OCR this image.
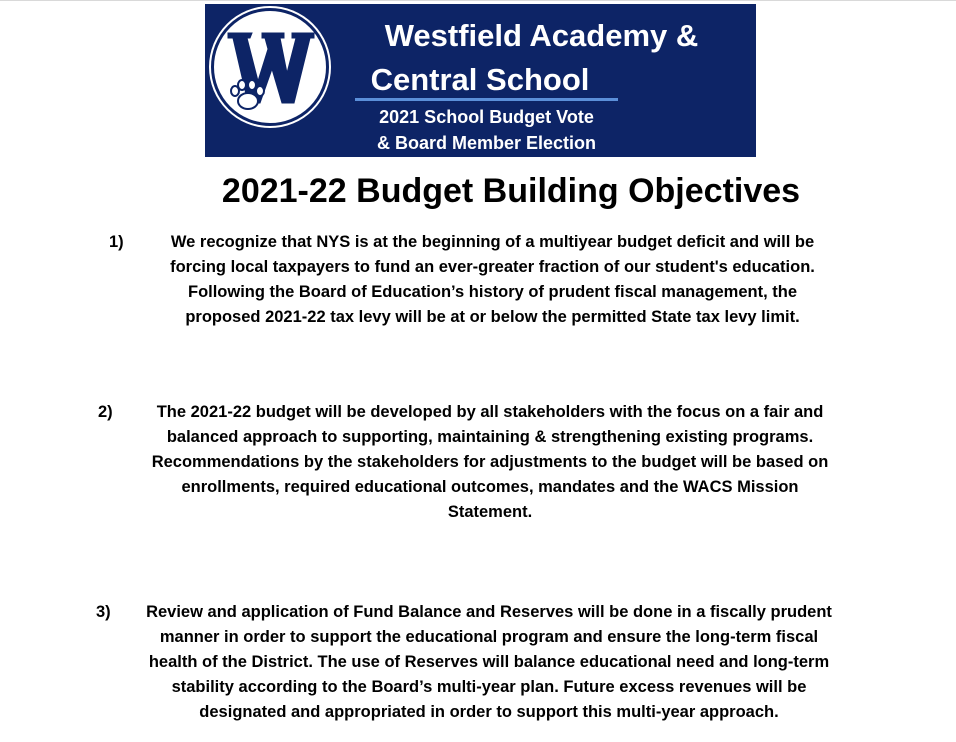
Westfield Academy &
Central School
2021 School Budget Vote
& Board Member Election
2021-22 Budget Building Objectives
1)	We recognize that NYS is at the beginning of a multiyear budget deficit and will be
forcing local taxpayers to fund an ever-greater fraction of our student's education.
Following the Board of Education’s history of prudent fiscal management, the
proposed 2021-22 tax levy will be at or below the permitted State tax levy limit.
2)	The 2021-22 budget will be developed by all stakeholders with the focus on a fair and
balanced approach to supporting, maintaining & strengthening existing programs.
Recommendations by the stakeholders for adjustments to the budget will be based on
enrollments, required educational outcomes, mandates and the WACS Mission
Statement.
3)	Review and application of Fund Balance and Reserves will be done in a fiscally prudent
manner in order to support the educational program and ensure the long-term fiscal
health of the District. The use of Reserves will balance educational need and long-term
stability according to the Board’s multi-year plan. Future excess revenues will be
designated and appropriated in order to support this multi-year approach.
